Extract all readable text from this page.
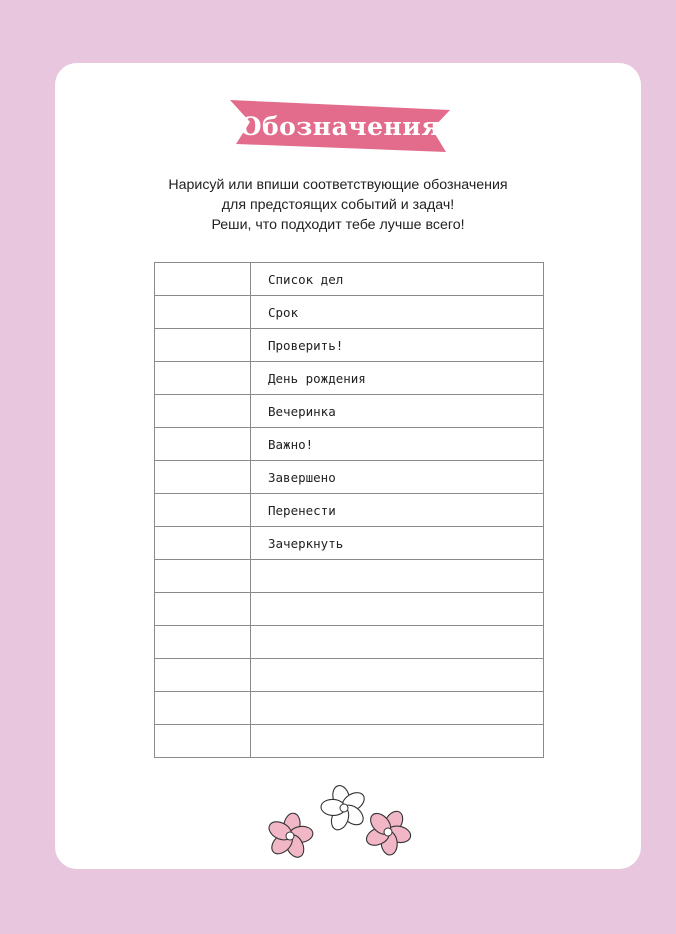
Обозначения
Нарисуй или впиши соответствующие обозначения
для предстоящих событий и задач!
Реши, что подходит тебе лучше всего!
	Список дел
	Срок
	Проверить!
	День рождения
	Вечеринка
	Важно!
	Завершено
	Перенести
	Зачеркнуть
